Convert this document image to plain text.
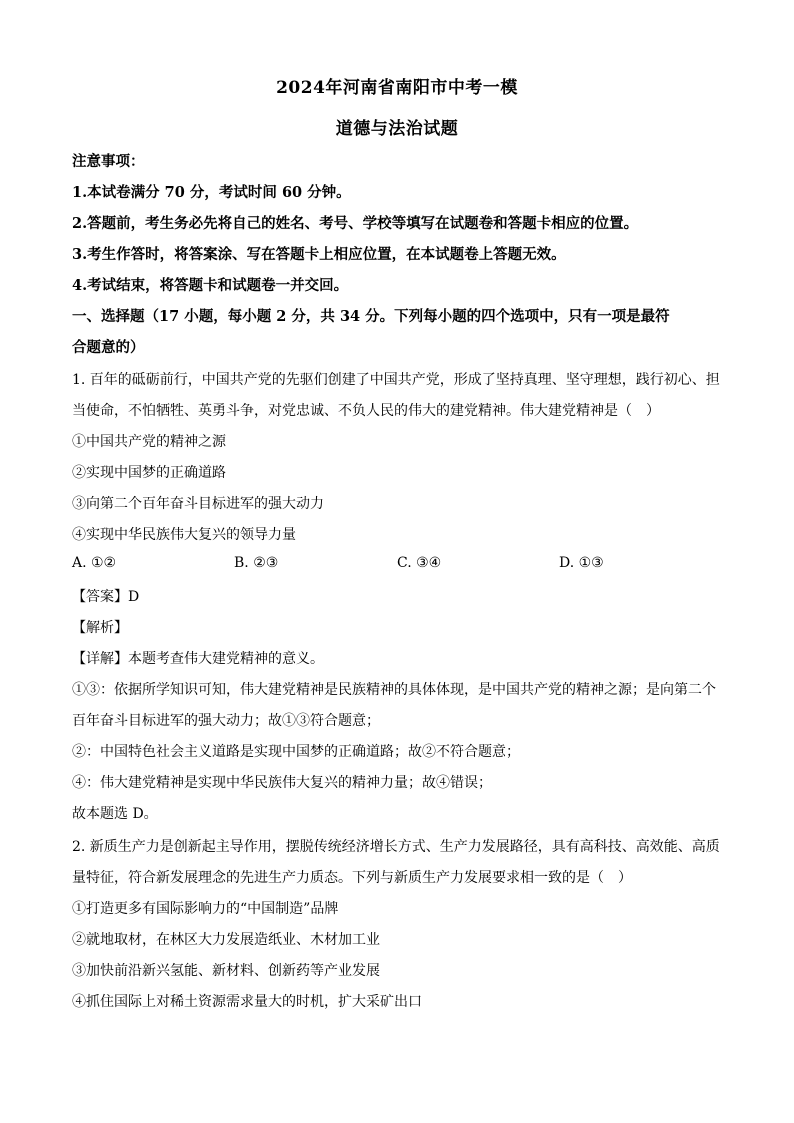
2024年河南省南阳市中考一模
道德与法治试题
注意事项：
1.本试卷满分 70 分，考试时间 60 分钟。
2.答题前，考生务必先将自己的姓名、考号、学校等填写在试题卷和答题卡相应的位置。
3.考生作答时，将答案涂、写在答题卡上相应位置，在本试题卷上答题无效。
4.考试结束，将答题卡和试题卷一并交回。
一、选择题（17 小题，每小题 2 分，共 34 分。下列每小题的四个选项中，只有一项是最符
合题意的）
1. 百年的砥砺前行，中国共产党的先驱们创建了中国共产党，形成了坚持真理、坚守理想，践行初心、担
当使命，不怕牺牲、英勇斗争，对党忠诚、不负人民的伟大的建党精神。伟大建党精神是（　）
①中国共产党的精神之源
②实现中国梦的正确道路
③向第二个百年奋斗目标进军的强大动力
④实现中华民族伟大复兴的领导力量
A. ①②	B. ②③	C. ③④	D. ①③
【答案】D
【解析】
【详解】本题考查伟大建党精神的意义。
①③：依据所学知识可知，伟大建党精神是民族精神的具体体现，是中国共产党的精神之源；是向第二个
百年奋斗目标进军的强大动力；故①③符合题意；
②：中国特色社会主义道路是实现中国梦的正确道路；故②不符合题意；
④：伟大建党精神是实现中华民族伟大复兴的精神力量；故④错误；
故本题选 D。
2. 新质生产力是创新起主导作用，摆脱传统经济增长方式、生产力发展路径，具有高科技、高效能、高质
量特征，符合新发展理念的先进生产力质态。下列与新质生产力发展要求相一致的是（　）
①打造更多有国际影响力的“中国制造”品牌
②就地取材，在林区大力发展造纸业、木材加工业
③加快前沿新兴氢能、新材料、创新药等产业发展
④抓住国际上对稀土资源需求量大的时机，扩大采矿出口
